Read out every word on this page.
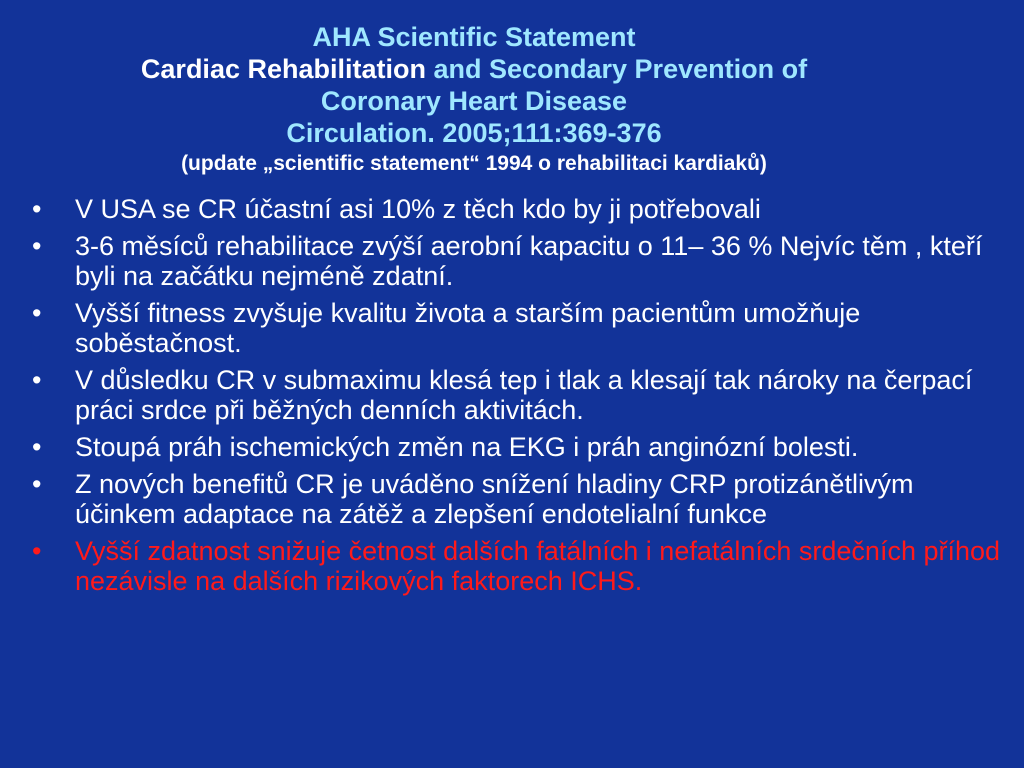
AHA Scientific Statement
Cardiac Rehabilitation and Secondary Prevention of
Coronary Heart Disease
Circulation. 2005;111:369-376
(update „scientific statement“ 1994 o rehabilitaci kardiaků)
• V USA se CR účastní asi 10% z těch kdo by ji potřebovali
• 3-6 měsíců rehabilitace zvýší aerobní kapacitu o 11– 36 % Nejvíc těm , kteří byli na začátku nejméně zdatní.
• Vyšší fitness zvyšuje kvalitu života a starším pacientům umožňuje soběstačnost.
• V důsledku CR v submaximu klesá tep i tlak a klesají tak nároky na čerpací práci srdce při běžných denních aktivitách.
• Stoupá práh ischemických změn na EKG i práh anginózní bolesti.
• Z nových benefitů CR je uváděno snížení hladiny CRP protizánětlivým účinkem adaptace na zátěž a zlepšení endotelialní funkce
• Vyšší zdatnost snižuje četnost dalších fatálních i nefatálních srdečních příhod nezávisle na dalších rizikových faktorech ICHS.
